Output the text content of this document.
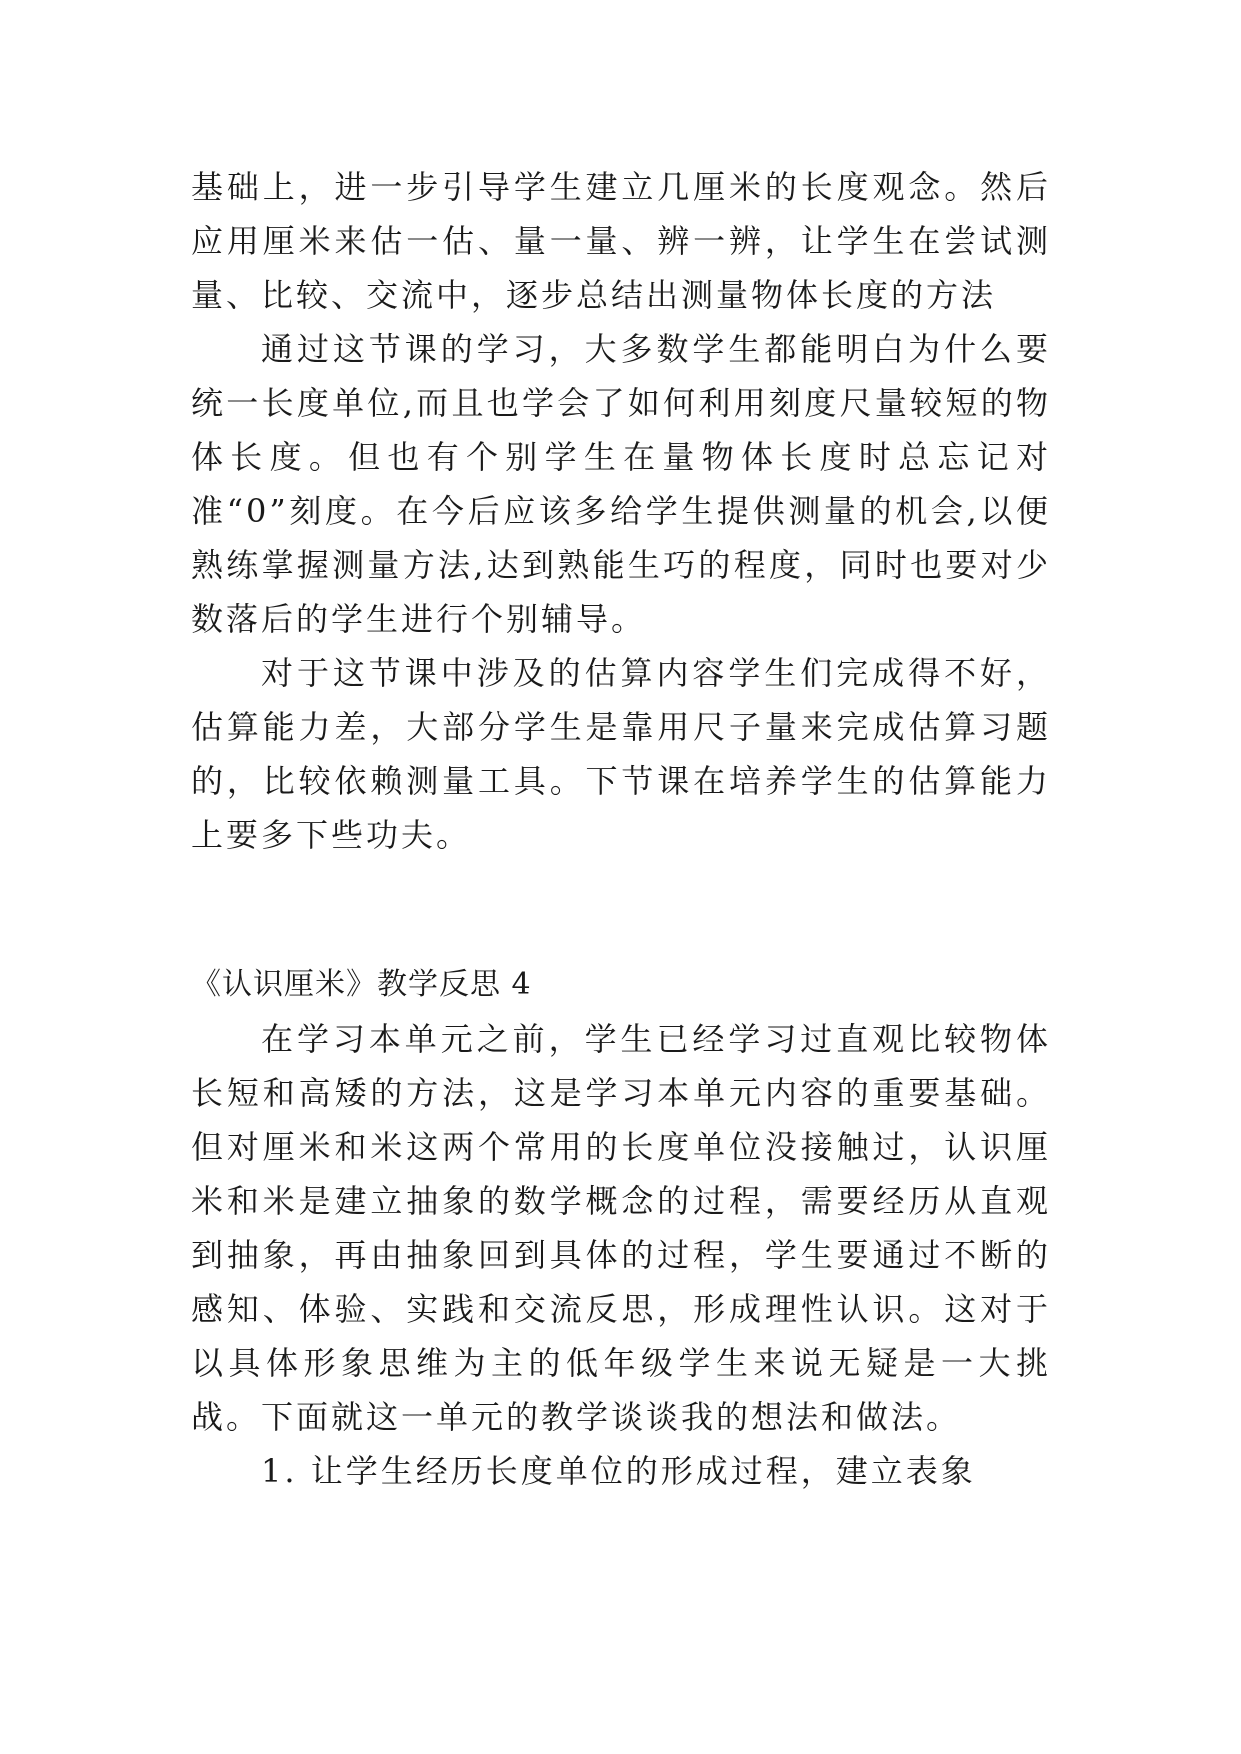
基础上，进一步引导学生建立几厘米的长度观念。然后应用厘米来估一估、量一量、辨一辨，让学生在尝试测量、比较、交流中，逐步总结出测量物体长度的方法

通过这节课的学习，大多数学生都能明白为什么要统一长度单位,而且也学会了如何利用刻度尺量较短的物体长度。但也有个别学生在量物体长度时总忘记对准“0”刻度。在今后应该多给学生提供测量的机会,以便熟练掌握测量方法,达到熟能生巧的程度，同时也要对少数落后的学生进行个别辅导。

对于这节课中涉及的估算内容学生们完成得不好，估算能力差，大部分学生是靠用尺子量来完成估算习题的，比较依赖测量工具。下节课在培养学生的估算能力上要多下些功夫。

《认识厘米》教学反思 4

在学习本单元之前，学生已经学习过直观比较物体长短和高矮的方法，这是学习本单元内容的重要基础。但对厘米和米这两个常用的长度单位没接触过，认识厘米和米是建立抽象的数学概念的过程，需要经历从直观到抽象，再由抽象回到具体的过程，学生要通过不断的感知、体验、实践和交流反思，形成理性认识。这对于以具体形象思维为主的低年级学生来说无疑是一大挑战。下面就这一单元的教学谈谈我的想法和做法。

1. 让学生经历长度单位的形成过程，建立表象
